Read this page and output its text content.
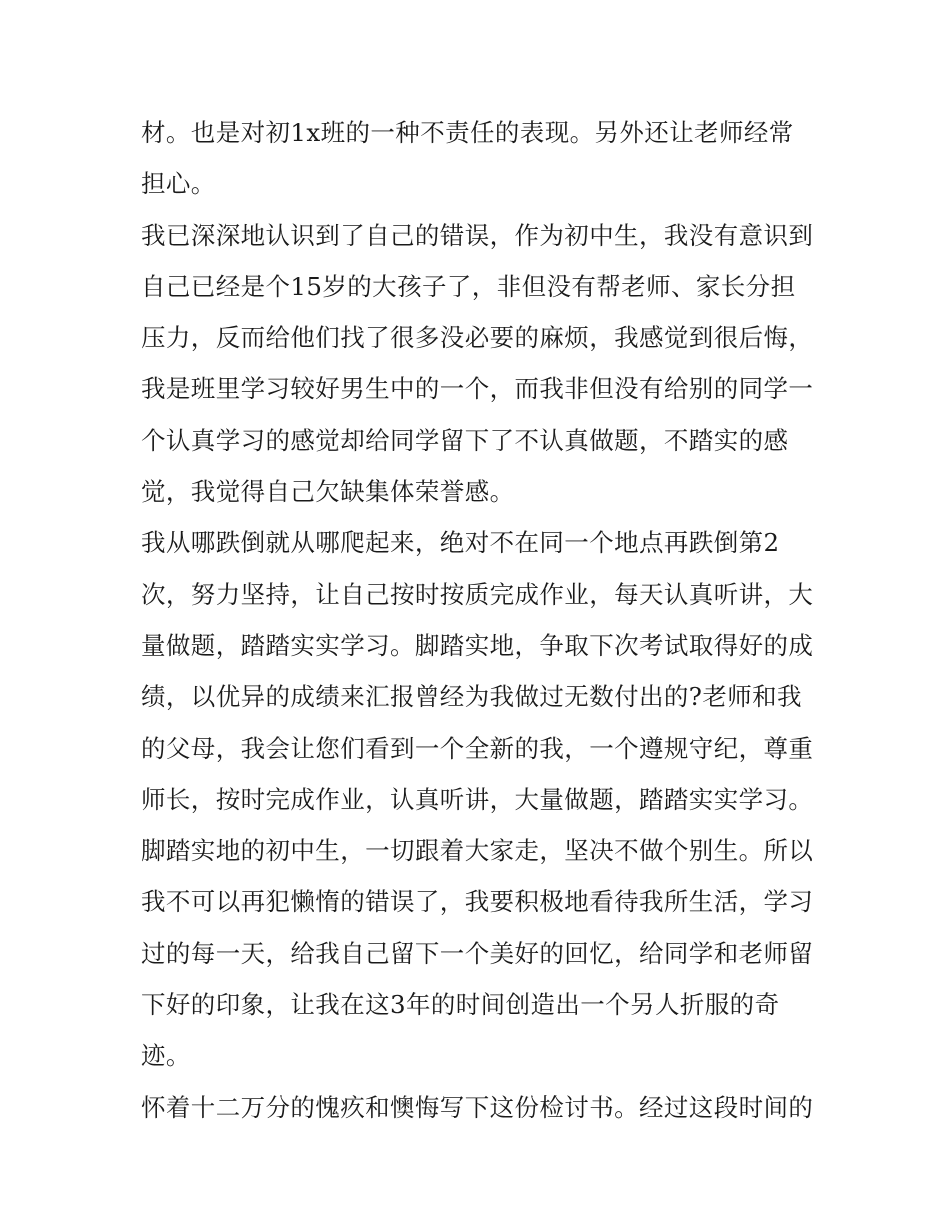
材。也是对初1x班的一种不责任的表现。另外还让老师经常
担心。
我已深深地认识到了自己的错误，作为初中生，我没有意识到
自己已经是个15岁的大孩子了，非但没有帮老师、家长分担
压力，反而给他们找了很多没必要的麻烦，我感觉到很后悔，
我是班里学习较好男生中的一个，而我非但没有给别的同学一
个认真学习的感觉却给同学留下了不认真做题，不踏实的感
觉，我觉得自己欠缺集体荣誉感。
我从哪跌倒就从哪爬起来，绝对不在同一个地点再跌倒第2
次，努力坚持，让自己按时按质完成作业，每天认真听讲，大
量做题，踏踏实实学习。脚踏实地，争取下次考试取得好的成
绩，以优异的成绩来汇报曾经为我做过无数付出的?老师和我
的父母，我会让您们看到一个全新的我，一个遵规守纪，尊重
师长，按时完成作业，认真听讲，大量做题，踏踏实实学习。
脚踏实地的初中生，一切跟着大家走，坚决不做个别生。所以
我不可以再犯懒惰的错误了，我要积极地看待我所生活，学习
过的每一天，给我自己留下一个美好的回忆，给同学和老师留
下好的印象，让我在这3年的时间创造出一个另人折服的奇
迹。
怀着十二万分的愧疚和懊悔写下这份检讨书。经过这段时间的
